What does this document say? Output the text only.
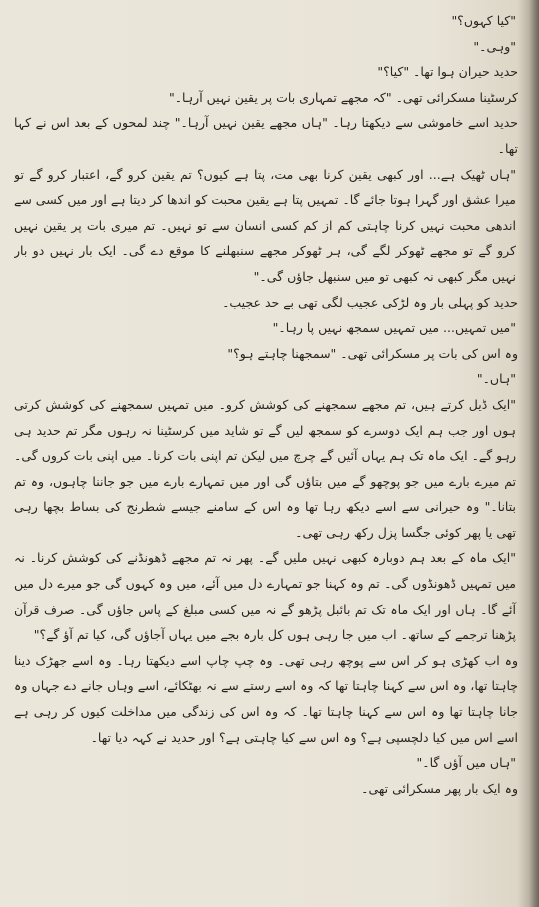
"کیا کہوں؟"

"وہی۔"

حدید حیران ہوا تھا۔ "کیا؟"

کرسٹینا مسکرائی تھی۔ "کہ مجھے تمہاری بات پر یقین نہیں آرہا۔"

حدید اسے خاموشی سے دیکھتا رہا۔ "ہاں مجھے یقین نہیں آرہا۔" چند لمحوں کے بعد اس نے کہا تھا۔

"ہاں ٹھیک ہے... اور کبھی یقین کرنا بھی مت، پتا ہے کیوں؟ تم یقین کرو گے، اعتبار کرو گے تو میرا عشق اور گہرا ہوتا جائے گا۔ تمہیں پتا ہے یقین محبت کو اندھا کر دیتا ہے اور میں کسی سے اندھی محبت نہیں کرنا چاہتی کم از کم کسی انسان سے تو نہیں۔ تم میری بات پر یقین نہیں کرو گے تو مجھے ٹھوکر لگے گی، ہر ٹھوکر مجھے سنبھلنے کا موقع دے گی۔ ایک بار نہیں دو بار نہیں مگر کبھی نہ کبھی تو میں سنبھل جاؤں گی۔"

حدید کو پہلی بار وہ لڑکی عجیب لگی تھی بے حد عجیب۔

"میں تمہیں... میں تمہیں سمجھ نہیں پا رہا۔"

وہ اس کی بات پر مسکرائی تھی۔ "سمجھنا چاہتے ہو؟"

"ہاں۔"

"ایک ڈیل کرتے ہیں، تم مجھے سمجھنے کی کوشش کرو۔ میں تمہیں سمجھنے کی کوشش کرتی ہوں اور جب ہم ایک دوسرے کو سمجھ لیں گے تو شاید میں کرسٹینا نہ رہوں مگر تم حدید ہی رہو گے۔ ایک ماہ تک ہم یہاں آئیں گے چرچ میں لیکن تم اپنی بات کرنا۔ میں اپنی بات کروں گی۔ تم میرے بارے میں جو پوچھو گے میں بتاؤں گی اور میں تمہارے بارے میں جو جاننا چاہوں، وہ تم بتانا۔" وہ حیرانی سے اسے دیکھ رہا تھا وہ اس کے سامنے جیسے شطرنج کی بساط بچھا رہی تھی یا پھر کوئی جگسا پزل رکھ رہی تھی۔

"ایک ماہ کے بعد ہم دوبارہ کبھی نہیں ملیں گے۔ پھر نہ تم مجھے ڈھونڈنے کی کوشش کرنا۔ نہ میں تمہیں ڈھونڈوں گی۔ تم وہ کہنا جو تمہارے دل میں آئے، میں وہ کہوں گی جو میرے دل میں آئے گا۔ ہاں اور ایک ماہ تک تم بائبل پڑھو گے نہ میں کسی مبلغ کے پاس جاؤں گی۔ صرف قرآن پڑھنا ترجمے کے ساتھ۔ اب میں جا رہی ہوں کل بارہ بجے میں یہاں آجاؤں گی، کیا تم آؤ گے؟"

وہ اب کھڑی ہو کر اس سے پوچھ رہی تھی۔ وہ چپ چاپ اسے دیکھتا رہا۔ وہ اسے جھڑک دینا چاہتا تھا، وہ اس سے کہنا چاہتا تھا کہ وہ اسے رستے سے نہ بھٹکائے، اسے وہاں جانے دے جہاں وہ جانا چاہتا تھا وہ اس سے کہنا چاہتا تھا۔ کہ وہ اس کی زندگی میں مداخلت کیوں کر رہی ہے اسے اس میں کیا دلچسپی ہے؟ وہ اس سے کیا چاہتی ہے؟ اور حدید نے کہہ دیا تھا۔

"ہاں میں آؤں گا۔"

وہ ایک بار پھر مسکرائی تھی۔
